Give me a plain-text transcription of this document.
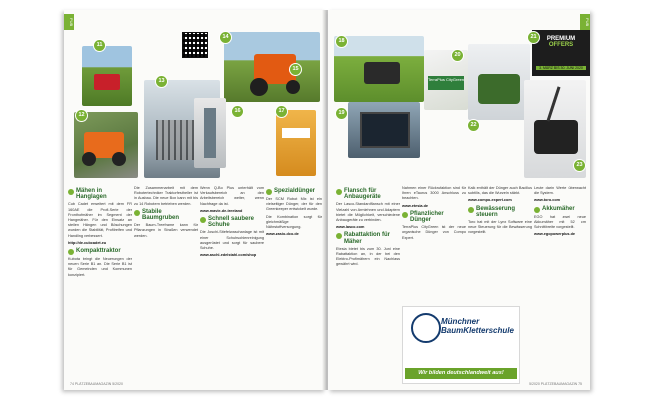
PUB
11
12
13
14
15
16	17
Mähen in Hanglagen
Cub Cadet erweitert mit dem FR 160AE die Profi-Serie der Fronthofmäher im Segment der Hangmäher. Für den Einsatz an steilen Hängen und Böschungen wurden die Stabilität, Profilreifen und Handling verbessert.
http://de.cubcadet.eu
Kompakttraktor
Kubota bringt die Neuerungen der neuen Serie B1 an. Die Serie B1 ist für Gemeinden und Kommunen konzipiert.
Die Zusammenarbeit mit dem Robotertechniker Traktorfestheller ist in Ausbau. Die neue Box kann mit bis zu 14 Robotern betrieben werden.
Stabile Baumgruben
Der Baum-Treeframe kann für Pflanzungen in Straßen verwendet werden.
Wenn Q-Bo Plus unterhält vom Verkaufsbereich an den Arbeitsbereich weiter, wenn Nachfrage da ist.
www.mavie-de-treeland
Schnell saubere Schuhe
Die Joschi-Stiefelwaschanlage ist mit einer Schuhsohlenreinigung ausgerüstet und sorgt für saubere Schuhe.
www.aschl-edelstahl.com/shop
Spezialdünger
Der SCM Robot Mix ist ein vielseitiger Dünger, der für den Greenkeeper entwickelt wurde.
Die Kombination sorgt für gleichmäßige Nährstoffversorgung.
www.zasio-dco.de
74 PLÄTZEBAUMAGAZIN 5/2020
PUB
TerraPlus CityGreen
PREMIUM
OFFERS
3. MÄRZ BIS 30. JUNI 2020
18
19
20
21
22
23
Flansch für Anbaugeräte
Der Lasco-Standardflansch mit einer Vielzahl von Armlehnen und Adaptern bietet die Möglichkeit, verschiedene Anbaugeräte zu verbinden.
www.lasco.com
Rabattaktion für Mäher
Etesia bietet bis zum 30. Juni eine Rabattaktion an, in der bei den Elektro-Profimähern ein Nachlass gewährt wird.
Nahmen einer Rückrufaktion sind für Ihren eTaurus 3000 Anschluss zu beachten.
www.etesia.de
Pflanzlicher Dünger
TerraPlus CityGreen ist der neue organische Dünger von Compo Expert.
Kalk enthält der Dünger auch Bacillus subtilis, das die Wurzeln stärkt.
www.compo-expert.com
Bewässerung steuern
Toro hat mit der Lynx Software eine neue Steuerung für die Bewässerung vorgestellt.
Leute darin Werte überwacht die System.
www.toro.com
Akkumäher
EGO hat zwei neue Akkumäher mit 52 cm Schnittbreite vorgestellt.
www.egopowerplus.de
Münchner
BaumKletterschule
Wir bilden deutschlandweit aus!
5/2020 PLÄTZEBAUMAGAZIN 75
